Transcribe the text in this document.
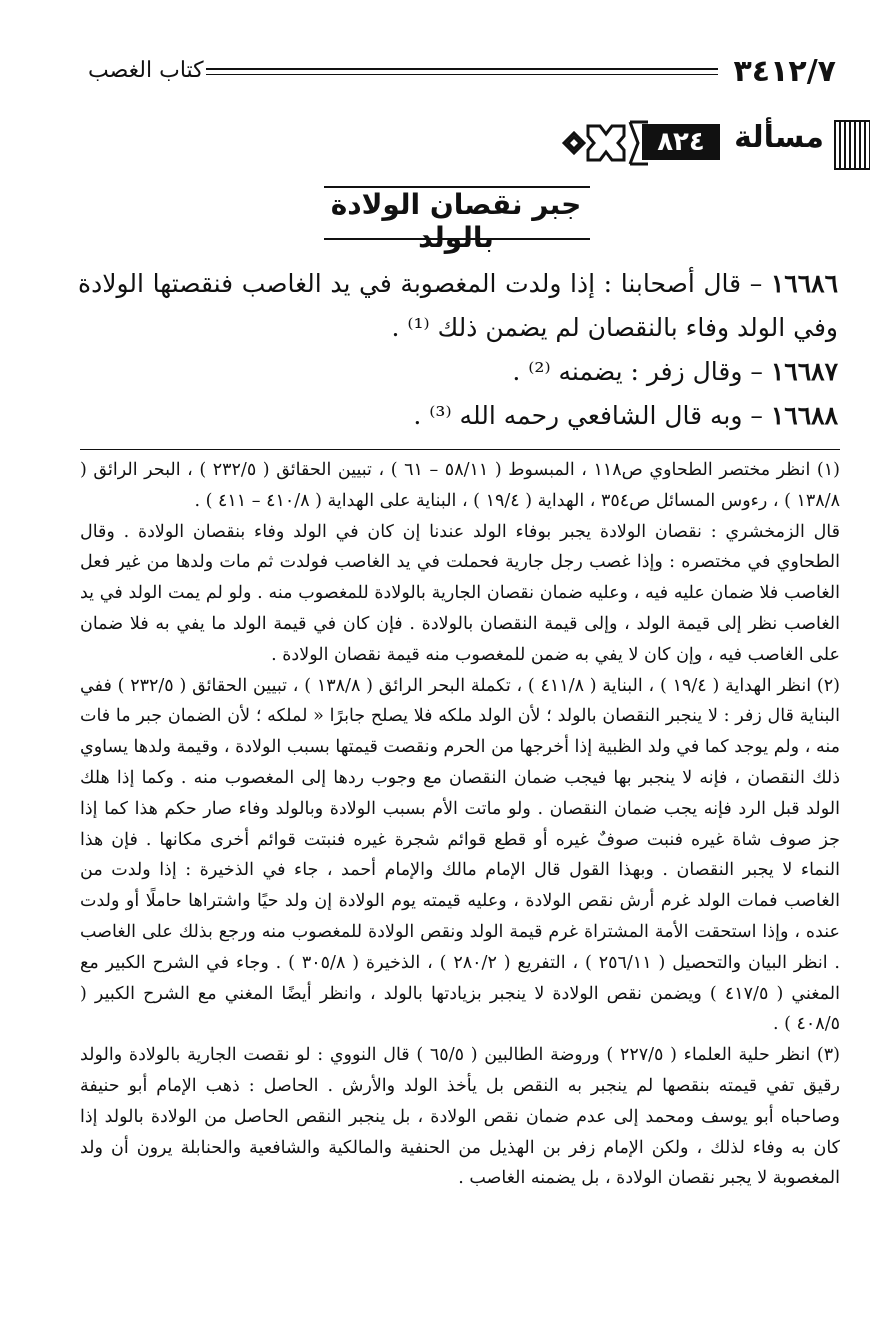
٣٤١٢/٧
كتاب الغصب
مسألة
٨٢٤
جبر نقصان الولادة بالولد

١٦٦٨٦ – قال أصحابنا : إذا ولدت المغصوبة في يد الغاصب فنقصتها الولادة وفي الولد وفاء بالنقصان لم يضمن ذلك ⁽¹⁾ .

١٦٦٨٧ – وقال زفر : يضمنه ⁽²⁾ .

١٦٦٨٨ – وبه قال الشافعي رحمه الله ⁽³⁾ .

(١) انظر مختصر الطحاوي ص١١٨ ، المبسوط ( ٥٨/١١ – ٦١ ) ، تبيين الحقائق ( ٢٣٢/٥ ) ، البحر الرائق ( ١٣٨/٨ ) ، رءوس المسائل ص٣٥٤ ، الهداية ( ١٩/٤ ) ، البناية على الهداية ( ٤١٠/٨ – ٤١١ ) .

قال الزمخشري : نقصان الولادة يجبر بوفاء الولد عندنا إن كان في الولد وفاء بنقصان الولادة . وقال الطحاوي في مختصره : وإذا غصب رجل جارية فحملت في يد الغاصب فولدت ثم مات ولدها من غير فعل الغاصب فلا ضمان عليه فيه ، وعليه ضمان نقصان الجارية بالولادة للمغصوب منه . ولو لم يمت الولد في يد الغاصب نظر إلى قيمة الولد ، وإلى قيمة النقصان بالولادة . فإن كان في قيمة الولد ما يفي به فلا ضمان على الغاصب فيه ، وإن كان لا يفي به ضمن للمغصوب منه قيمة نقصان الولادة .

(٢) انظر الهداية ( ١٩/٤ ) ، البناية ( ٤١١/٨ ) ، تكملة البحر الرائق ( ١٣٨/٨ ) ، تبيين الحقائق ( ٢٣٢/٥ ) ففي البناية قال زفر : لا ينجبر النقصان بالولد ؛ لأن الولد ملكه فلا يصلح جابرًا « لملكه ؛ لأن الضمان جبر ما فات منه ، ولم يوجد كما في ولد الظبية إذا أخرجها من الحرم ونقصت قيمتها بسبب الولادة ، وقيمة ولدها يساوي ذلك النقصان ، فإنه لا ينجبر بها فيجب ضمان النقصان مع وجوب ردها إلى المغصوب منه . وكما إذا هلك الولد قبل الرد فإنه يجب ضمان النقصان . ولو ماتت الأم بسبب الولادة وبالولد وفاء صار حكم هذا كما إذا جز صوف شاة غيره فنبت صوفٌ غيره أو قطع قوائم شجرة غيره فنبتت قوائم أخرى مكانها . فإن هذا النماء لا يجبر النقصان . وبهذا القول قال الإمام مالك والإمام أحمد ، جاء في الذخيرة : إذا ولدت من الغاصب فمات الولد غرم أرش نقص الولادة ، وعليه قيمته يوم الولادة إن ولد حيًا واشتراها حاملًا أو ولدت عنده ، وإذا استحقت الأمة المشتراة غرم قيمة الولد ونقص الولادة للمغصوب منه ورجع بذلك على الغاصب . انظر البيان والتحصيل ( ٢٥٦/١١ ) ، التفريع ( ٢٨٠/٢ ) ، الذخيرة ( ٣٠٥/٨ ) . وجاء في الشرح الكبير مع المغني ( ٤١٧/٥ ) ويضمن نقص الولادة لا ينجبر بزيادتها بالولد ، وانظر أيضًا المغني مع الشرح الكبير ( ٤٠٨/٥ ) .

(٣) انظر حلية العلماء ( ٢٢٧/٥ ) وروضة الطالبين ( ٦٥/٥ ) قال النووي : لو نقصت الجارية بالولادة والولد رقيق تفي قيمته بنقصها لم ينجبر به النقص بل يأخذ الولد والأرش . الحاصل : ذهب الإمام أبو حنيفة وصاحباه أبو يوسف ومحمد إلى عدم ضمان نقص الولادة ، بل ينجبر النقص الحاصل من الولادة بالولد إذا كان به وفاء لذلك ، ولكن الإمام زفر بن الهذيل من الحنفية والمالكية والشافعية والحنابلة يرون أن ولد المغصوبة لا يجبر نقصان الولادة ، بل يضمنه الغاصب .
